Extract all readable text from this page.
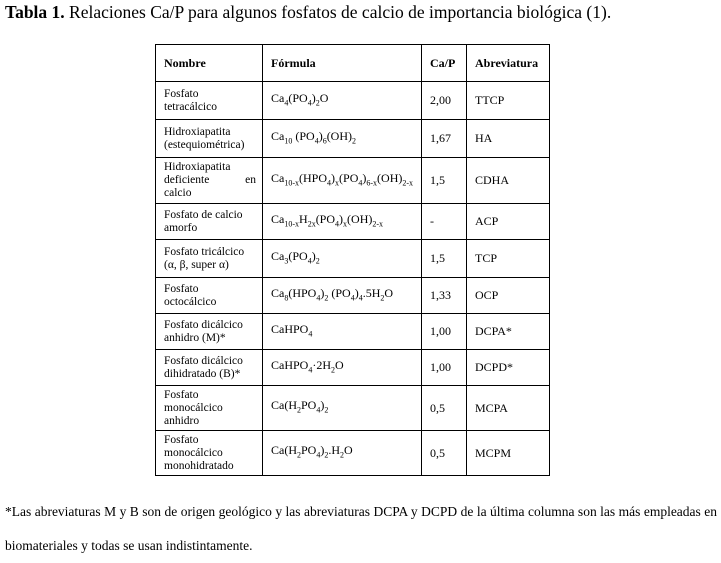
Tabla 1. Relaciones Ca/P para algunos fosfatos de calcio de importancia biológica (1).
Nombre	Fórmula	Ca/P	Abreviatura

Fosfato
tetracálcico	$Ca_4(PO_4)_2O$	2,00	TTCP

Hidroxiapatita
(estequiométrica)	$Ca_{10}$ $(PO_4)_6(OH)_2$	1,67	HA

Hidroxiapatita
deficiente en
calcio	$Ca_{10-x}(HPO_4)_x(PO_4)_{6-x}(OH)_{2-x}$	1,5	CDHA

Fosfato de calcio
amorfo	$Ca_{10-x}H_{2x}(PO_4)_x(OH)_{2-x}$	-	ACP

Fosfato tricálcico
(α, β, super α)	$Ca_3(PO_4)_2$	1,5	TCP

Fosfato
octocálcico	$Ca_8(HPO_4)_2$ $(PO_4)_4.5H_2O$	1,33	OCP

Fosfato dicálcico
anhidro (M)*	CaHPO$_4$	1,00	DCPA*

Fosfato dicálcico
dihidratado (B)*	$CaHPO_4\cdot 2H_2O$	1,00	DCPD*

Fosfato
monocálcico
anhidro	$Ca(H_2PO_4)_2$	0,5	MCPA

Fosfato
monocálcico
monohidratado	$Ca(H_2PO_4)_2.H_2O$	0,5	MCPM
*Las abreviaturas M y B son de origen geológico y las abreviaturas DCPA y DCPD de la última columna son las más empleadas en biomateriales y todas se usan indistintamente.
